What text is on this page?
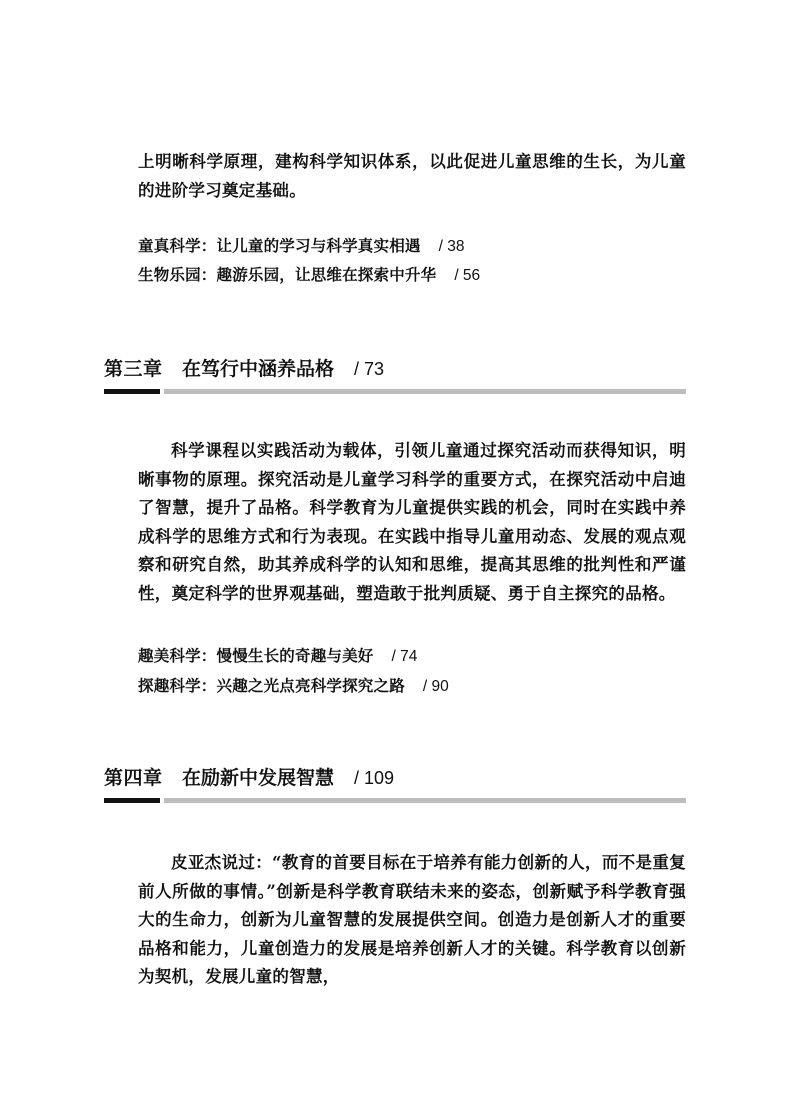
上明晰科学原理，建构科学知识体系，以此促进儿童思维的生长，为儿童的进阶学习奠定基础。

童真科学：让儿童的学习与科学真实相遇 / 38
生物乐园：趣游乐园，让思维在探索中升华 / 56
第三章 在笃行中涵养品格 / 73

科学课程以实践活动为载体，引领儿童通过探究活动而获得知识，明晰事物的原理。探究活动是儿童学习科学的重要方式，在探究活动中启迪了智慧，提升了品格。科学教育为儿童提供实践的机会，同时在实践中养成科学的思维方式和行为表现。在实践中指导儿童用动态、发展的观点观察和研究自然，助其养成科学的认知和思维，提高其思维的批判性和严谨性，奠定科学的世界观基础，塑造敢于批判质疑、勇于自主探究的品格。

趣美科学：慢慢生长的奇趣与美好 / 74
探趣科学：兴趣之光点亮科学探究之路 / 90
第四章 在励新中发展智慧 / 109

皮亚杰说过：“教育的首要目标在于培养有能力创新的人，而不是重复前人所做的事情。”创新是科学教育联结未来的姿态，创新赋予科学教育强大的生命力，创新为儿童智慧的发展提供空间。创造力是创新人才的重要品格和能力，儿童创造力的发展是培养创新人才的关键。科学教育以创新为契机，发展儿童的智慧，
